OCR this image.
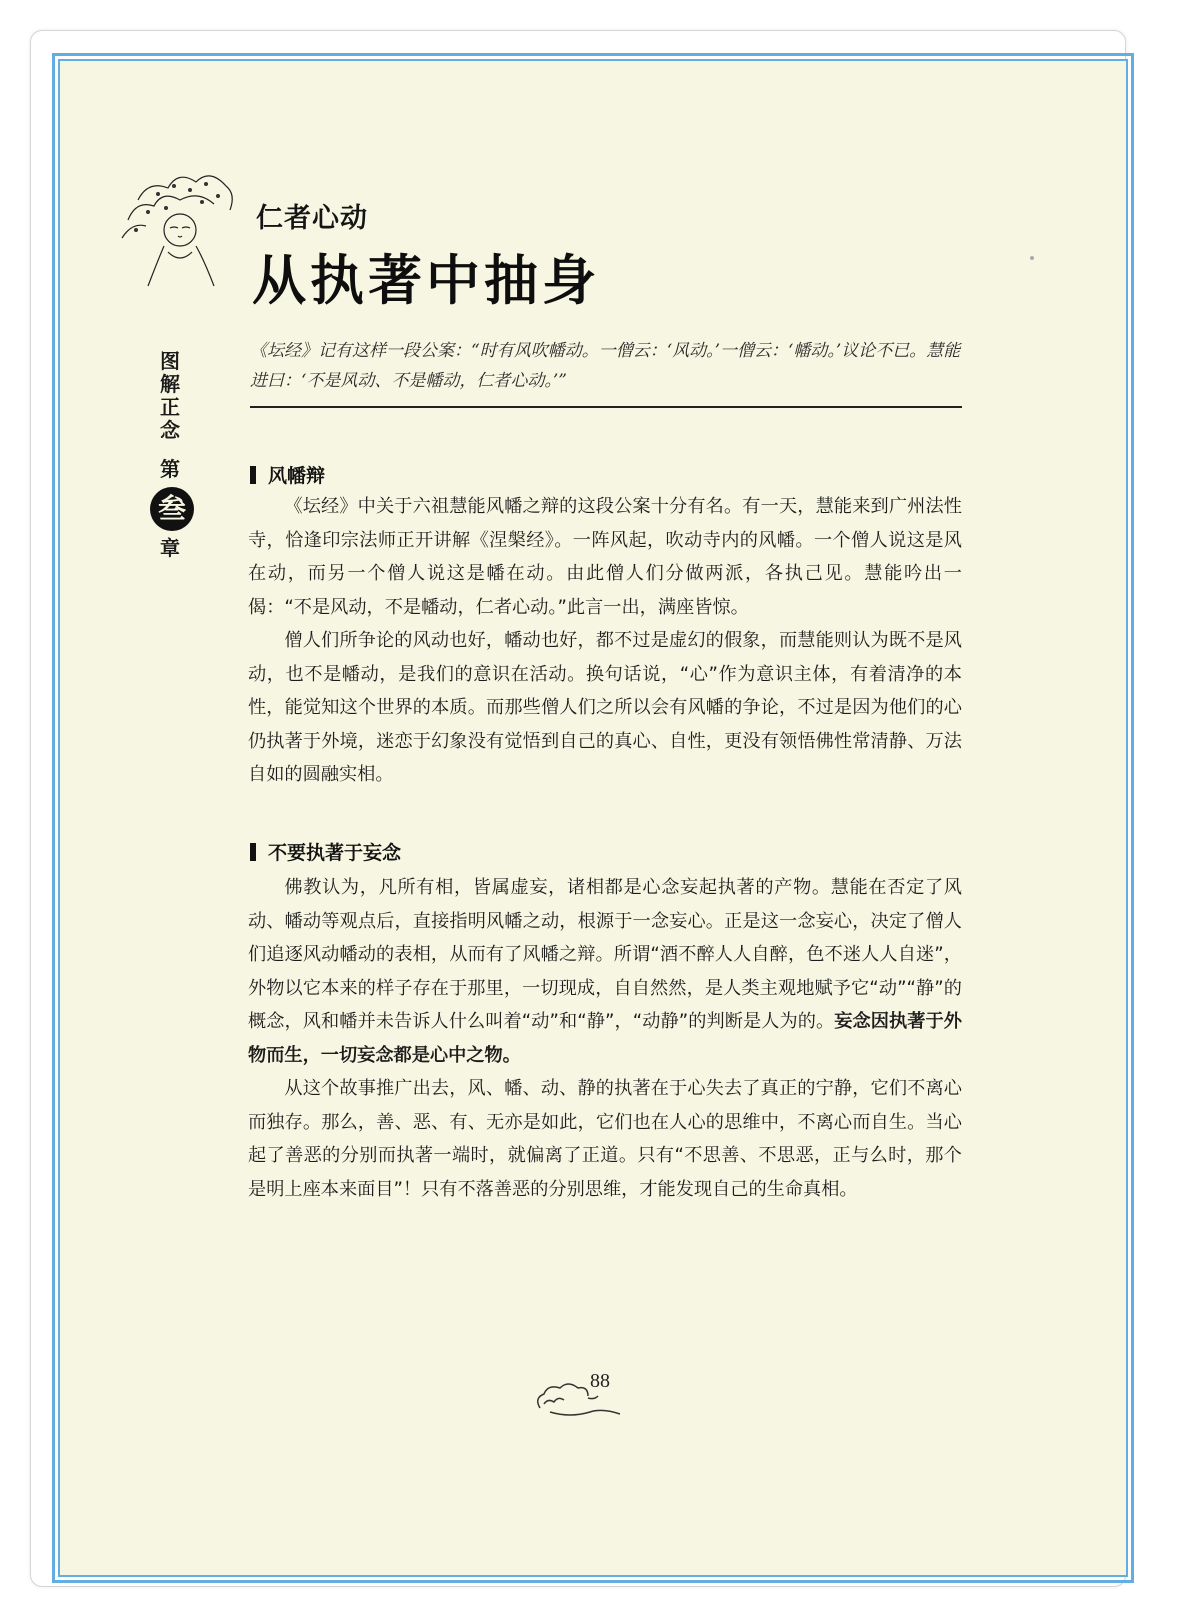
仁者心动
从执著中抽身
图
解
正
念
第
叁
章
《坛经》记有这样一段公案：“时有风吹幡动。一僧云：‘风动。’一僧云：‘幡动。’议论不已。慧能进曰：‘不是风动、不是幡动，仁者心动。’”
风幡辩

《坛经》中关于六祖慧能风幡之辩的这段公案十分有名。有一天，慧能来到广州法性寺，恰逢印宗法师正开讲解《涅槃经》。一阵风起，吹动寺内的风幡。一个僧人说这是风在动，而另一个僧人说这是幡在动。由此僧人们分做两派，各执己见。慧能吟出一偈：“不是风动，不是幡动，仁者心动。”此言一出，满座皆惊。

僧人们所争论的风动也好，幡动也好，都不过是虚幻的假象，而慧能则认为既不是风动，也不是幡动，是我们的意识在活动。换句话说，“心”作为意识主体，有着清净的本性，能觉知这个世界的本质。而那些僧人们之所以会有风幡的争论，不过是因为他们的心仍执著于外境，迷恋于幻象没有觉悟到自己的真心、自性，更没有领悟佛性常清静、万法自如的圆融实相。

不要执著于妄念

佛教认为，凡所有相，皆属虚妄，诸相都是心念妄起执著的产物。慧能在否定了风动、幡动等观点后，直接指明风幡之动，根源于一念妄心。正是这一念妄心，决定了僧人们追逐风动幡动的表相，从而有了风幡之辩。所谓“酒不醉人人自醉，色不迷人人自迷”，外物以它本来的样子存在于那里，一切现成，自自然然，是人类主观地赋予它“动”“静”的概念，风和幡并未告诉人什么叫着“动”和“静”，“动静”的判断是人为的。妄念因执著于外物而生，一切妄念都是心中之物。

从这个故事推广出去，风、幡、动、静的执著在于心失去了真正的宁静，它们不离心而独存。那么，善、恶、有、无亦是如此，它们也在人心的思维中，不离心而自生。当心起了善恶的分别而执著一端时，就偏离了正道。只有“不思善、不思恶，正与么时，那个是明上座本来面目”！只有不落善恶的分别思维，才能发现自己的生命真相。

88
